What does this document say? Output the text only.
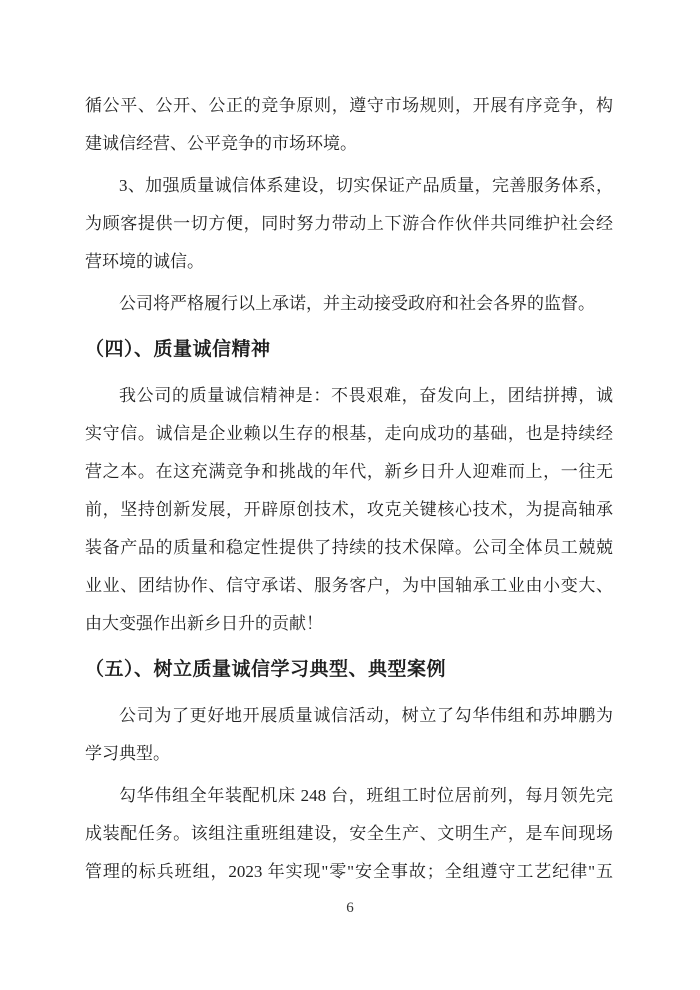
循公平、公开、公正的竞争原则，遵守市场规则，开展有序竞争，构
建诚信经营、公平竞争的市场环境。
3、加强质量诚信体系建设，切实保证产品质量，完善服务体系，
为顾客提供一切方便，同时努力带动上下游合作伙伴共同维护社会经
营环境的诚信。
公司将严格履行以上承诺，并主动接受政府和社会各界的监督。
（四）、质量诚信精神
我公司的质量诚信精神是：不畏艰难，奋发向上，团结拼搏，诚
实守信。诚信是企业赖以生存的根基，走向成功的基础，也是持续经
营之本。在这充满竞争和挑战的年代，新乡日升人迎难而上，一往无
前，坚持创新发展，开辟原创技术，攻克关键核心技术，为提高轴承
装备产品的质量和稳定性提供了持续的技术保障。公司全体员工兢兢
业业、团结协作、信守承诺、服务客户，为中国轴承工业由小变大、
由大变强作出新乡日升的贡献！
（五）、树立质量诚信学习典型、典型案例
公司为了更好地开展质量诚信活动，树立了勾华伟组和苏坤鹏为
学习典型。
勾华伟组全年装配机床 248 台，班组工时位居前列，每月领先完
成装配任务。该组注重班组建设，安全生产、文明生产，是车间现场
管理的标兵班组，2023 年实现"零"安全事故；全组遵守工艺纪律"五
6
